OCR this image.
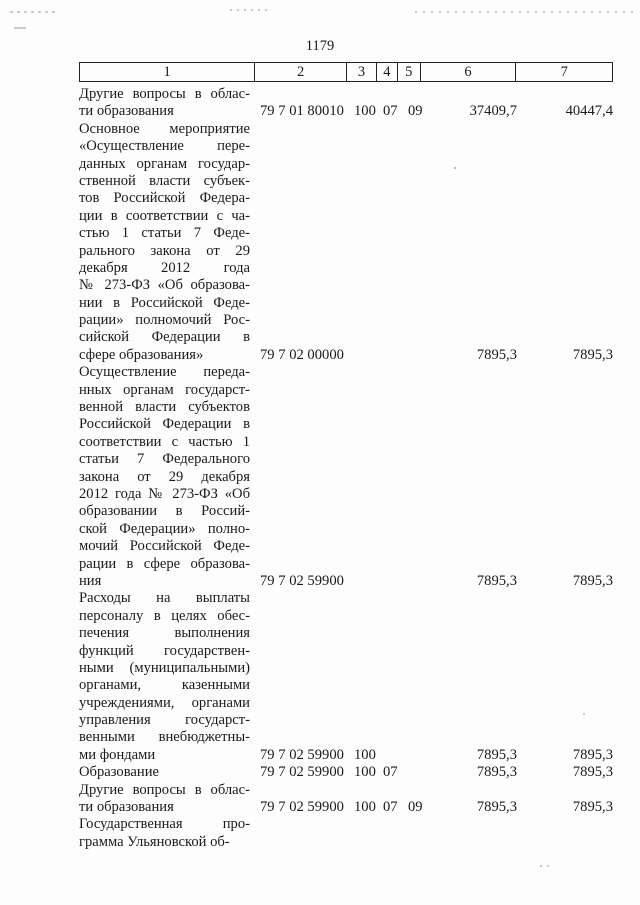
1179
1	2	3	4	5	6	7
Другие вопросы в облас-
ти образования	79 7 01 80010 100 07 09	37409,7	40447,4
Основное мероприятие
«Осуществление пере-
данных органам государ-
ственной власти субъек-
тов Российской Федера-
ции в соответствии с ча-
стью 1 статьи 7 Феде-
рального закона от 29
декабря 2012 года
№ 273-ФЗ «Об образова-
нии в Российской Феде-
рации» полномочий Рос-
сийской Федерации в
сфере образования»	79 7 02 00000	7895,3	7895,3
Осуществление переда-
нных органам государст-
венной власти субъектов
Российской Федерации в
соответствии с частью 1
статьи 7 Федерального
закона от 29 декабря
2012 года № 273-ФЗ «Об
образовании в Россий-
ской Федерации» полно-
мочий Российской Феде-
рации в сфере образова-
ния	79 7 02 59900	7895,3	7895,3
Расходы на выплаты
персоналу в целях обес-
печения выполнения
функций государствен-
ными (муниципальными)
органами, казенными
учреждениями, органами
управления государст-
венными внебюджетны-
ми фондами	79 7 02 59900 100	7895,3	7895,3
Образование	79 7 02 59900 100 07	7895,3	7895,3
Другие вопросы в облас-
ти образования	79 7 02 59900 100 07 09	7895,3	7895,3
Государственная про-
грамма Ульяновской об-
